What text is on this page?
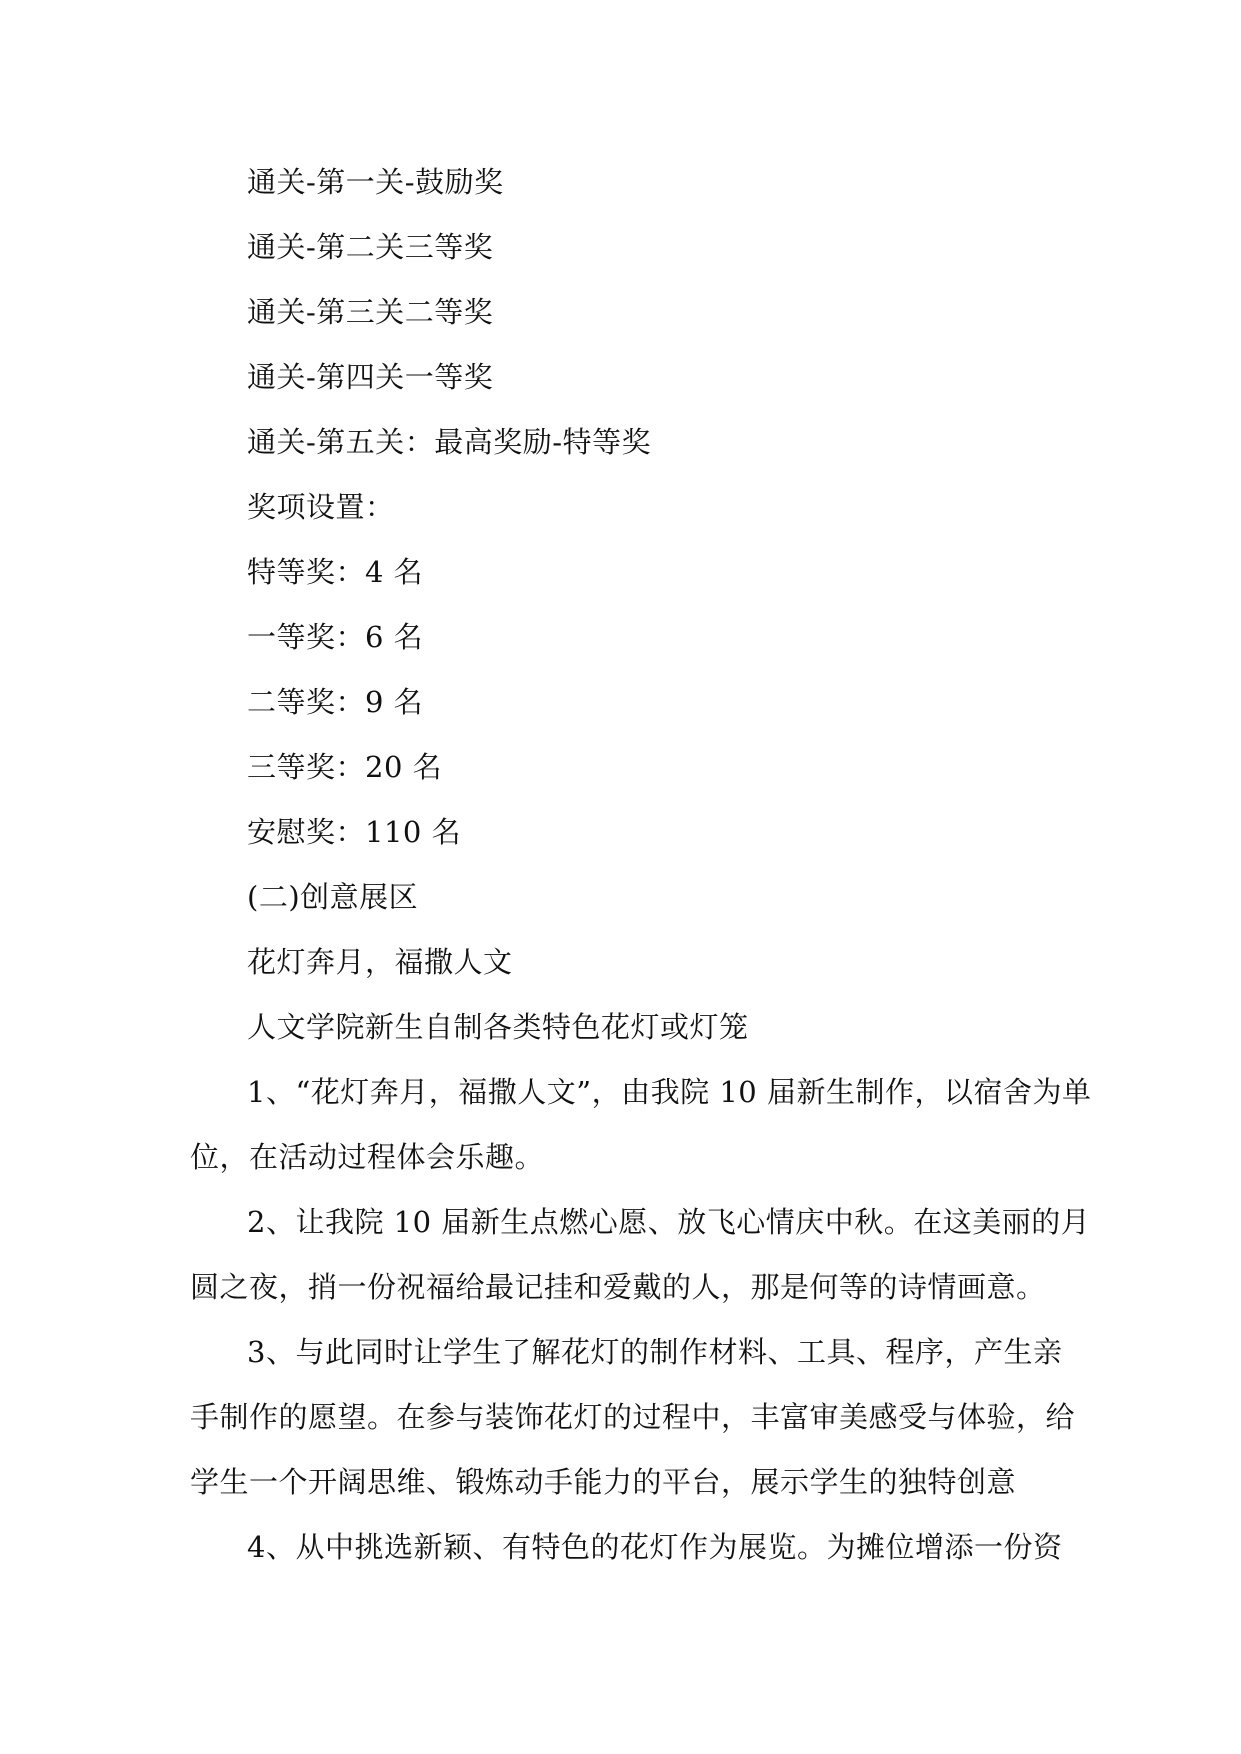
通关-第一关-鼓励奖
通关-第二关三等奖
通关-第三关二等奖
通关-第四关一等奖
通关-第五关：最高奖励-特等奖
奖项设置：
特等奖：4 名
一等奖：6 名
二等奖：9 名
三等奖：20 名
安慰奖：110 名
(二)创意展区
花灯奔月，福撒人文
人文学院新生自制各类特色花灯或灯笼
1、“花灯奔月，福撒人文”，由我院 10 届新生制作，以宿舍为单
位，在活动过程体会乐趣。
2、让我院 10 届新生点燃心愿、放飞心情庆中秋。在这美丽的月
圆之夜，捎一份祝福给最记挂和爱戴的人，那是何等的诗情画意。
3、与此同时让学生了解花灯的制作材料、工具、程序，产生亲
手制作的愿望。在参与装饰花灯的过程中，丰富审美感受与体验，给
学生一个开阔思维、锻炼动手能力的平台，展示学生的独特创意
4、从中挑选新颖、有特色的花灯作为展览。为摊位增添一份资
